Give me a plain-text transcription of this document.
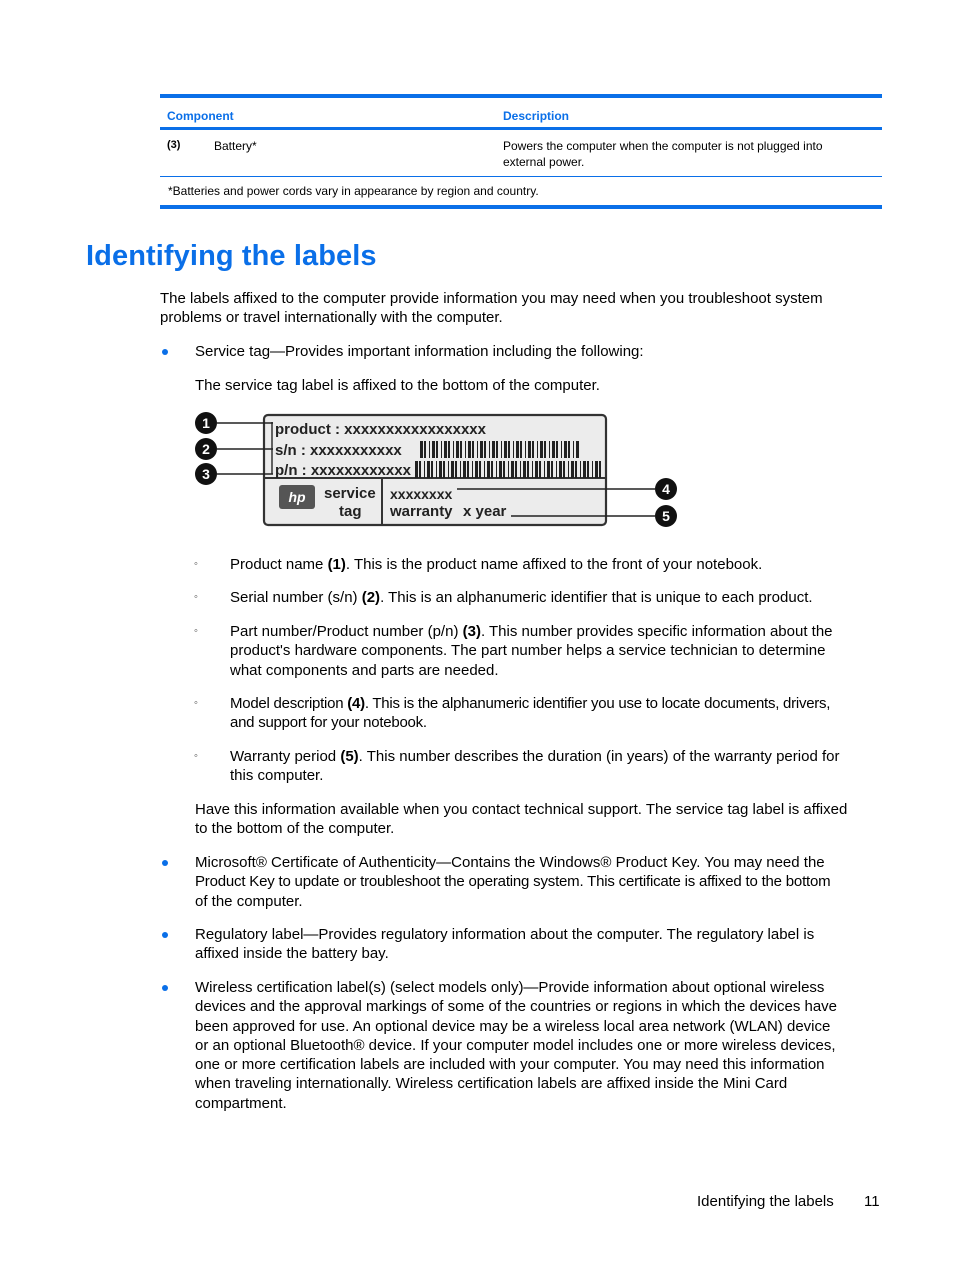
Component	Description
(3)	Battery*	Powers the computer when the computer is not plugged into
external power.
*Batteries and power cords vary in appearance by region and country.
Identifying the labels

The labels affixed to the computer provide information you may need when you troubleshoot system
problems or travel internationally with the computer.

Service tag—Provides important information including the following:

The service tag label is affixed to the bottom of the computer.

product : xxxxxxxxxxxxxxxxx
s/n : xxxxxxxxxxx
p/n : xxxxxxxxxxxx
hp service
tag
xxxxxxxx
warranty x year
1
2
3
4
5
◦ Product name (1). This is the product name affixed to the front of your notebook.

◦ Serial number (s/n) (2). This is an alphanumeric identifier that is unique to each product.

◦ Part number/Product number (p/n) (3). This number provides specific information about the
product's hardware components. The part number helps a service technician to determine
what components and parts are needed.

◦ Model description (4). This is the alphanumeric identifier you use to locate documents, drivers,
and support for your notebook.

◦ Warranty period (5). This number describes the duration (in years) of the warranty period for
this computer.

Have this information available when you contact technical support. The service tag label is affixed
to the bottom of the computer.

Microsoft® Certificate of Authenticity—Contains the Windows® Product Key. You may need the
Product Key to update or troubleshoot the operating system. This certificate is affixed to the bottom
of the computer.

Regulatory label—Provides regulatory information about the computer. The regulatory label is
affixed inside the battery bay.

Wireless certification label(s) (select models only)—Provide information about optional wireless
devices and the approval markings of some of the countries or regions in which the devices have
been approved for use. An optional device may be a wireless local area network (WLAN) device
or an optional Bluetooth® device. If your computer model includes one or more wireless devices,
one or more certification labels are included with your computer. You may need this information
when traveling internationally. Wireless certification labels are affixed inside the Mini Card
compartment.

Identifying the labels 11
